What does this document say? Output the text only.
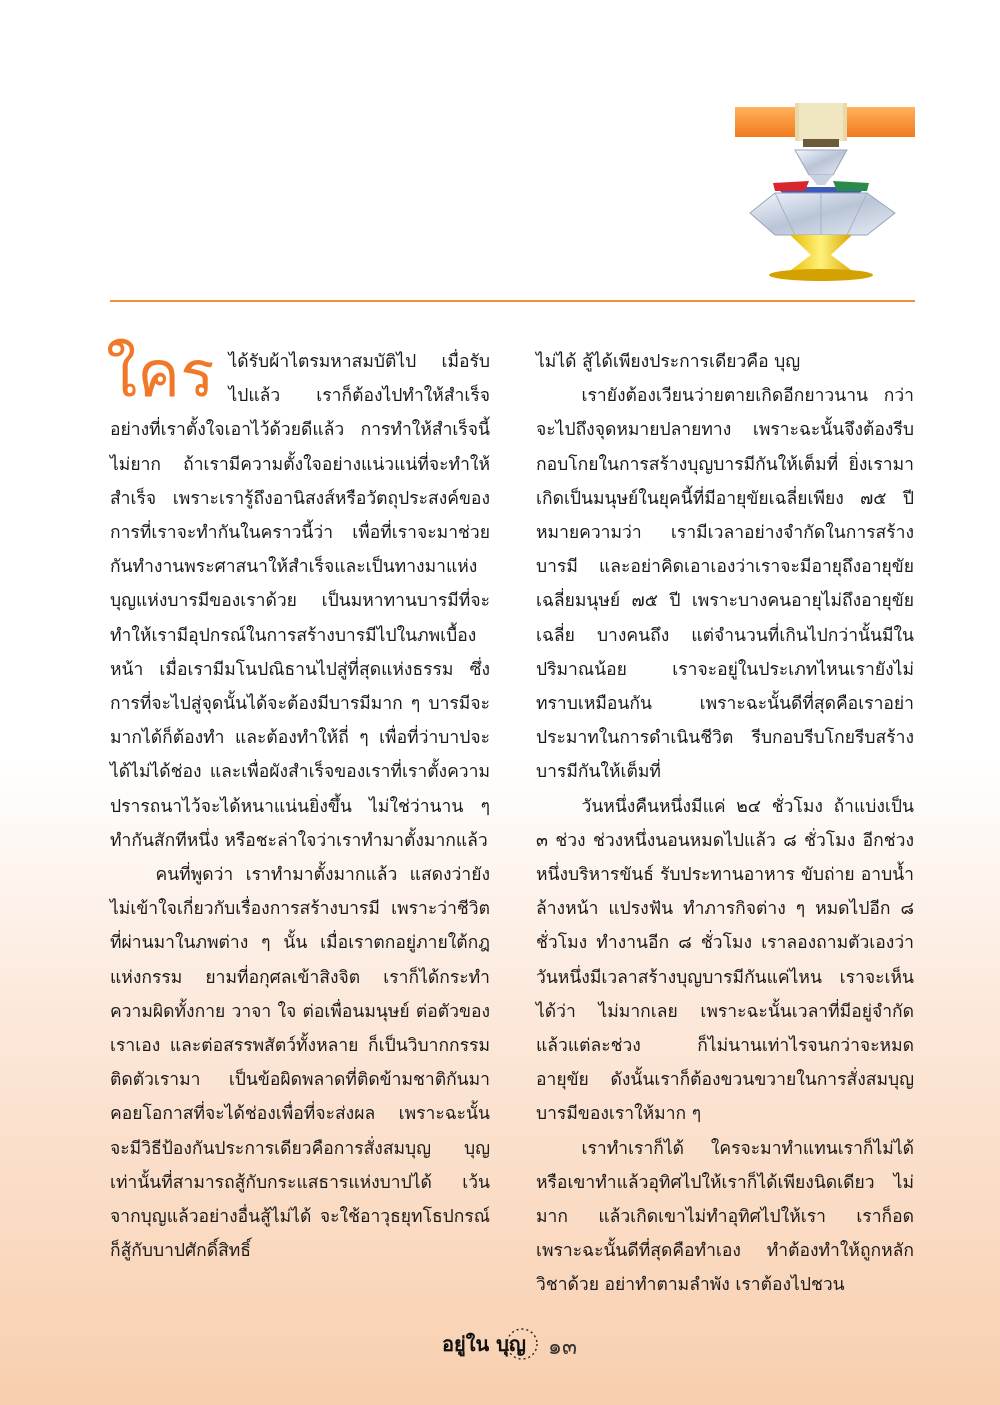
ใคร ได้รับผ้าไตรมหาสมบัติไป เมื่อรับไปแล้ว เราก็ต้องไปทำให้สำเร็จอย่างที่เราตั้งใจเอาไว้ด้วยดีแล้ว การทำให้สำเร็จนี้ ไม่ยาก ถ้าเรามีความตั้งใจอย่างแน่วแน่ที่จะทำให้สำเร็จ เพราะเรารู้ถึงอานิสงส์หรือวัตถุประสงค์ของการที่เราจะทำกันในคราวนี้ว่า เพื่อที่เราจะมาช่วยกันทำงานพระศาสนาให้สำเร็จและเป็นทางมาแห่งบุญแห่งบารมีของเราด้วย เป็นมหาทานบารมีที่จะทำให้เรามีอุปกรณ์ในการสร้างบารมีไปในภพเบื้องหน้า เมื่อเรามีมโนปณิธานไปสู่ที่สุดแห่งธรรม ซึ่งการที่จะไปสู่จุดนั้นได้จะต้องมีบารมีมาก ๆ บารมีจะมากได้ก็ต้องทำ และต้องทำให้ถี่ ๆ เพื่อที่ว่าบาปจะได้ไม่ได้ช่อง และเพื่อผังสำเร็จของเราที่เราตั้งความปรารถนาไว้จะได้หนาแน่นยิ่งขึ้น ไม่ใช่ว่านาน ๆ ทำกันสักทีหนึ่ง หรือชะล่าใจว่าเราทำมาตั้งมากแล้ว

คนที่พูดว่า เราทำมาตั้งมากแล้ว แสดงว่ายังไม่เข้าใจเกี่ยวกับเรื่องการสร้างบารมี เพราะว่าชีวิตที่ผ่านมาในภพต่าง ๆ นั้น เมื่อเราตกอยู่ภายใต้กฎแห่งกรรม ยามที่อกุศลเข้าสิงจิต เราก็ได้กระทำความผิดทั้งกาย วาจา ใจ ต่อเพื่อนมนุษย์ ต่อตัวของเราเอง และต่อสรรพสัตว์ทั้งหลาย ก็เป็นวิบากกรรมติดตัวเรามา เป็นข้อผิดพลาดที่ติดข้ามชาติกันมา คอยโอกาสที่จะได้ช่องเพื่อที่จะส่งผล เพราะฉะนั้นจะมีวิธีป้องกันประการเดียวคือการสั่งสมบุญ บุญเท่านั้นที่สามารถสู้กับกระแสธารแห่งบาปได้ เว้นจากบุญแล้วอย่างอื่นสู้ไม่ได้ จะใช้อาวุธยุทโธปกรณ์ก็สู้กับบาปศักดิ์สิทธิ์

ไม่ได้ สู้ได้เพียงประการเดียวคือ บุญ

เรายังต้องเวียนว่ายตายเกิดอีกยาวนาน กว่าจะไปถึงจุดหมายปลายทาง เพราะฉะนั้นจึงต้องรีบกอบโกยในการสร้างบุญบารมีกันให้เต็มที่ ยิ่งเรามาเกิดเป็นมนุษย์ในยุคนี้ที่มีอายุขัยเฉลี่ยเพียง ๗๕ ปี หมายความว่า เรามีเวลาอย่างจำกัดในการสร้างบารมี และอย่าคิดเอาเองว่าเราจะมีอายุถึงอายุขัยเฉลี่ยมนุษย์ ๗๕ ปี เพราะบางคนอายุไม่ถึงอายุขัยเฉลี่ย บางคนถึง แต่จำนวนที่เกินไปกว่านั้นมีในปริมาณน้อย เราจะอยู่ในประเภทไหนเรายังไม่ทราบเหมือนกัน เพราะฉะนั้นดีที่สุดคือเราอย่าประมาทในการดำเนินชีวิต รีบกอบรีบโกยรีบสร้างบารมีกันให้เต็มที่

วันหนึ่งคืนหนึ่งมีแค่ ๒๔ ชั่วโมง ถ้าแบ่งเป็น ๓ ช่วง ช่วงหนึ่งนอนหมดไปแล้ว ๘ ชั่วโมง อีกช่วงหนึ่งบริหารขันธ์ รับประทานอาหาร ขับถ่าย อาบน้ำ ล้างหน้า แปรงฟัน ทำภารกิจต่าง ๆ หมดไปอีก ๘ ชั่วโมง ทำงานอีก ๘ ชั่วโมง เราลองถามตัวเองว่า วันหนึ่งมีเวลาสร้างบุญบารมีกันแค่ไหน เราจะเห็นได้ว่า ไม่มากเลย เพราะฉะนั้นเวลาที่มีอยู่จำกัด แล้วแต่ละช่วง ก็ไม่นานเท่าไรจนกว่าจะหมดอายุขัย ดังนั้นเราก็ต้องขวนขวายในการสั่งสมบุญบารมีของเราให้มาก ๆ

เราทำเราก็ได้ ใครจะมาทำแทนเราก็ไม่ได้ หรือเขาทำแล้วอุทิศไปให้เราก็ได้เพียงนิดเดียว ไม่มาก แล้วเกิดเขาไม่ทำอุทิศไปให้เรา เราก็อด เพราะฉะนั้นดีที่สุดคือทำเอง ทำต้องทำให้ถูกหลักวิชาด้วย อย่าทำตามลำพัง เราต้องไปชวน

อยู่ใน บุญ ๑๓
